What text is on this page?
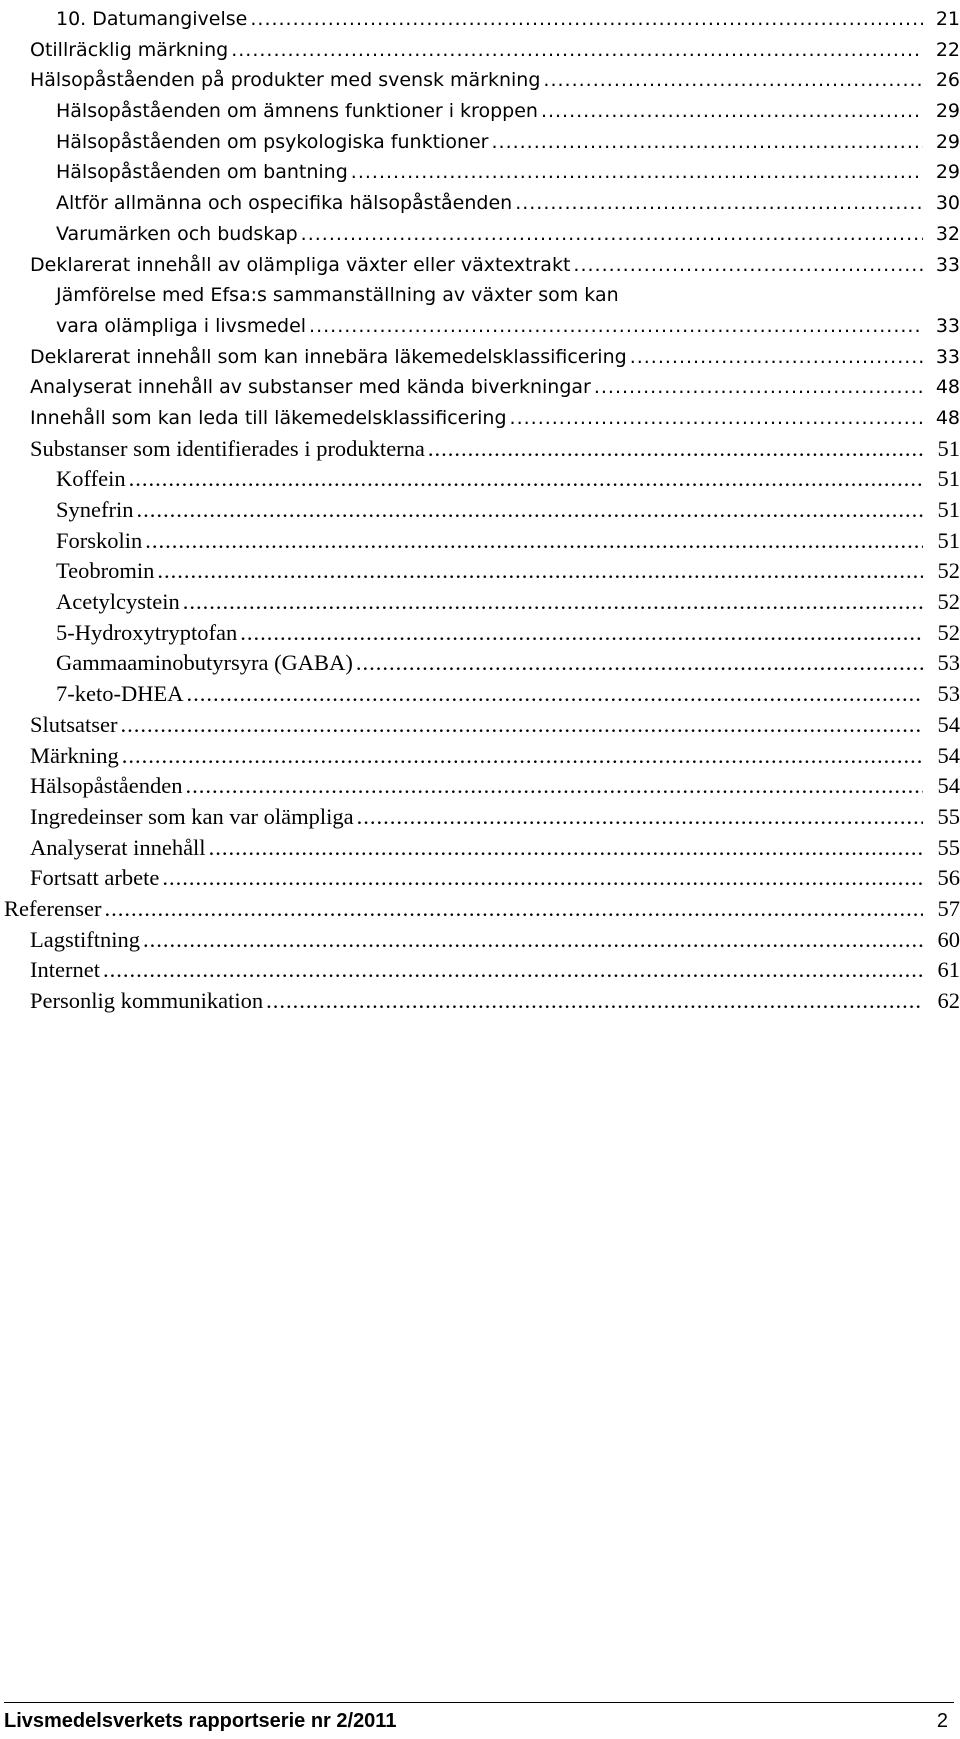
10. Datumangivelse .....	21
Otillräcklig märkning .....	22
Hälsopåståenden på produkter med svensk märkning .....	26
Hälsopåståenden om ämnens funktioner i kroppen .....	29
Hälsopåståenden om psykologiska funktioner .....	29
Hälsopåståenden om bantning .....	29
Altför allmänna och ospecifika hälsopåståenden .....	30
Varumärken och budskap .....	32
Deklarerat innehåll av olämpliga växter eller växtextrakt .....	33
Jämförelse med Efsa:s sammanställning av växter som kan
vara olämpliga i livsmedel .....	33
Deklarerat innehåll som kan innebära läkemedelsklassificering .....	33
Analyserat innehåll av substanser med kända biverkningar .....	48
Innehåll som kan leda till läkemedelsklassificering .....	48
Substanser som identifierades i produkterna .....	51
Koffein .....	51
Synefrin .....	51
Forskolin .....	51
Teobromin .....	52
Acetylcystein .....	52
5-Hydroxytryptofan .....	52
Gammaaminobutyrsyra (GABA) .....	53
7-keto-DHEA .....	53
Slutsatser .....	54
Märkning .....	54
Hälsopåståenden .....	54
Ingredeinser som kan var olämpliga .....	55
Analyserat innehåll .....	55
Fortsatt arbete .....	56
Referenser .....	57
Lagstiftning .....	60
Internet .....	61
Personlig kommunikation .....	62
Livsmedelsverkets rapportserie nr 2/2011	2
